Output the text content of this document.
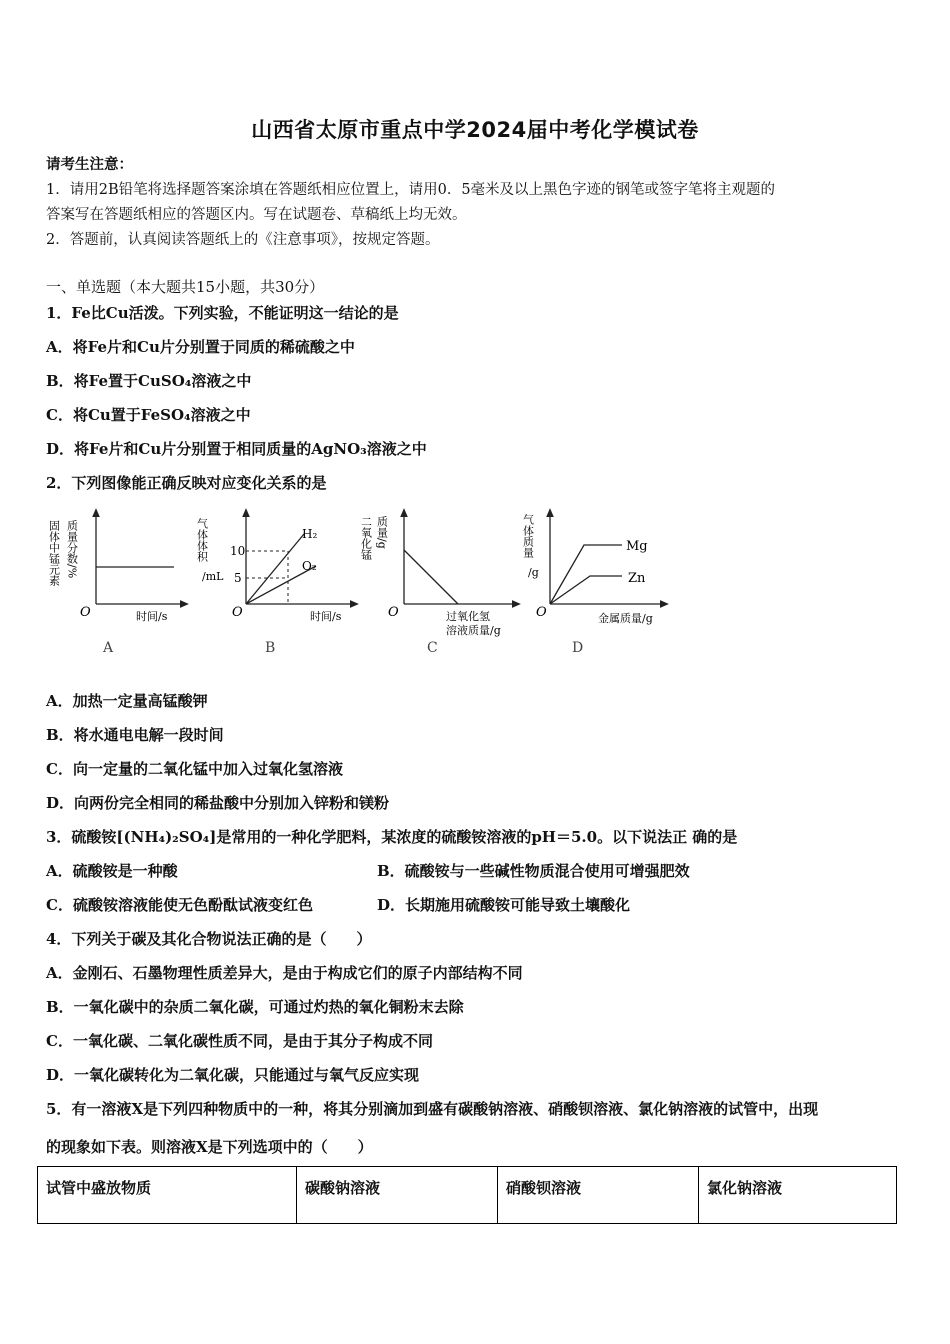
山西省太原市重点中学2024届中考化学模试卷
请考生注意：
1．请用2B铅笔将选择题答案涂填在答题纸相应位置上，请用0．5毫米及以上黑色字迹的钢笔或签字笔将主观题的
答案写在答题纸相应的答题区内。写在试题卷、草稿纸上均无效。
2．答题前，认真阅读答题纸上的《注意事项》，按规定答题。
一、单选题（本大题共15小题，共30分）
1．Fe比Cu活泼。下列实验，不能证明这一结论的是
A．将Fe片和Cu片分别置于同质的稀硫酸之中
B．将Fe置于CuSO₄溶液之中
C．将Cu置于FeSO₄溶液之中
D．将Fe片和Cu片分别置于相同质量的AgNO₃溶液之中
2．下列图像能正确反映对应变化关系的是
固体中锰元素 质量分数/%
O	时间/s
A
气体体积
/mL
10
5
H₂
O₂
O	时间/s
B
二氧化锰 质量/g
O	过氧化氢
溶液质量/g
C
气体质量
/g
Mg
Zn
O	金属质量/g
D
A．加热一定量高锰酸钾
B．将水通电电解一段时间
C．向一定量的二氧化锰中加入过氧化氢溶液
D．向两份完全相同的稀盐酸中分别加入锌粉和镁粉
3．硫酸铵[(NH₄)₂SO₄]是常用的一种化学肥料，某浓度的硫酸铵溶液的pH＝5.0。以下说法正 确的是
A．硫酸铵是一种酸	B．硫酸铵与一些碱性物质混合使用可增强肥效
C．硫酸铵溶液能使无色酚酞试液变红色	D．长期施用硫酸铵可能导致土壤酸化
4．下列关于碳及其化合物说法正确的是（　　）
A．金刚石、石墨物理性质差异大，是由于构成它们的原子内部结构不同
B．一氧化碳中的杂质二氧化碳，可通过灼热的氧化铜粉末去除
C．一氧化碳、二氧化碳性质不同，是由于其分子构成不同
D．一氧化碳转化为二氧化碳，只能通过与氧气反应实现
5．有一溶液X是下列四种物质中的一种，将其分别滴加到盛有碳酸钠溶液、硝酸钡溶液、氯化钠溶液的试管中，出现
的现象如下表。则溶液X是下列选项中的（　　）
试管中盛放物质	碳酸钠溶液	硝酸钡溶液	氯化钠溶液
